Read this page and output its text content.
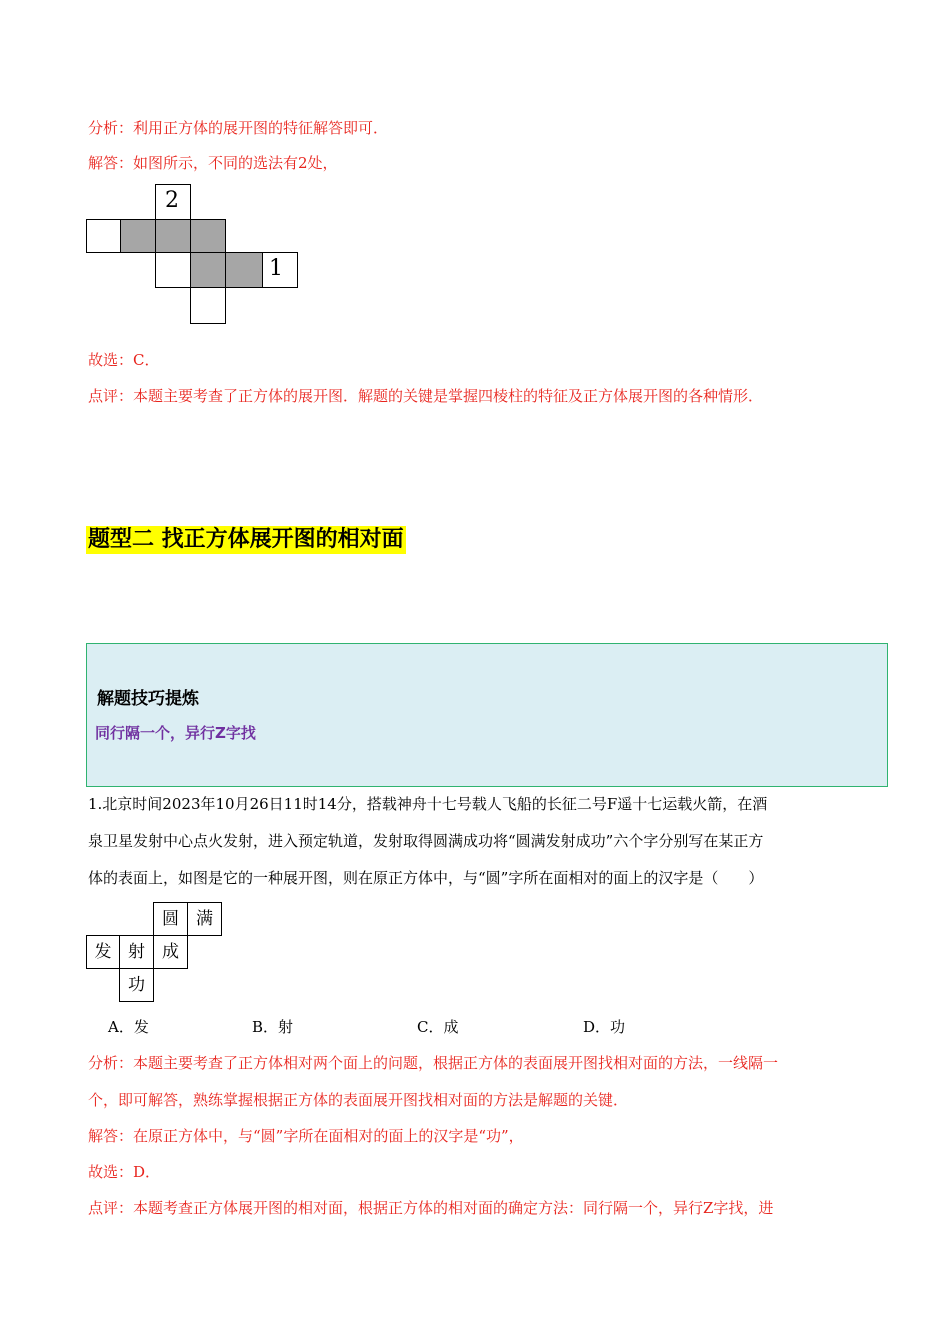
分析：利用正方体的展开图的特征解答即可．
解答：如图所示，不同的选法有2处，
2
1
故选：C．
点评：本题主要考查了正方体的展开图．解题的关键是掌握四棱柱的特征及正方体展开图的各种情形．
题型二 找正方体展开图的相对面
解题技巧提炼
同行隔一个，异行Z字找
1.北京时间2023年10月26日11时14分，搭载神舟十七号载人飞船的长征二号F遥十七运载火箭，在酒
泉卫星发射中心点火发射，进入预定轨道，发射取得圆满成功将“圆满发射成功”六个字分别写在某正方
体的表面上，如图是它的一种展开图，则在原正方体中，与“圆”字所在面相对的面上的汉字是（　　）
圆	满
发 射	成
功
A．发	B．射	C．成	D．功
分析：本题主要考查了正方体相对两个面上的问题，根据正方体的表面展开图找相对面的方法，一线隔一
个，即可解答，熟练掌握根据正方体的表面展开图找相对面的方法是解题的关键．
解答：在原正方体中，与“圆”字所在面相对的面上的汉字是“功”，
故选：D．
点评：本题考查正方体展开图的相对面，根据正方体的相对面的确定方法：同行隔一个，异行Z字找，进
